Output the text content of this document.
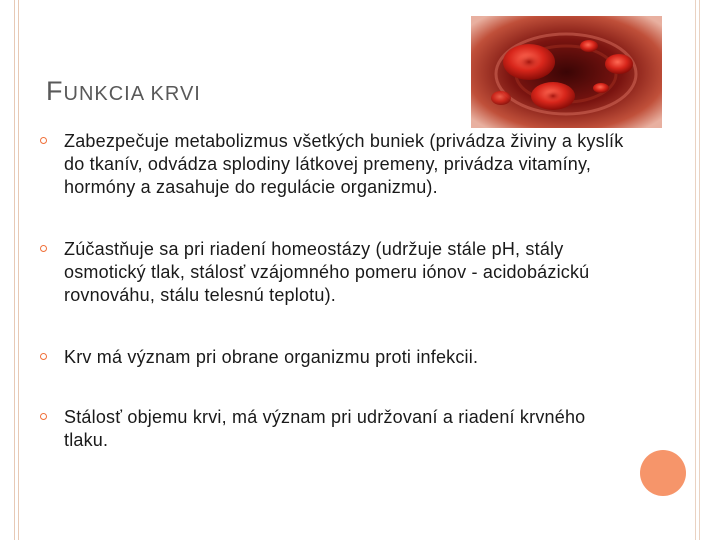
FUNKCIA KRVI
Zabezpečuje metabolizmus všetkých buniek (privádza živiny a kyslík do tkanív, odvádza splodiny látkovej premeny, privádza vitamíny, hormóny a zasahuje do regulácie organizmu).
Zúčastňuje sa pri riadení homeostázy (udržuje stále pH, stály osmotický tlak, stálosť vzájomného pomeru iónov - acidobázickú rovnováhu, stálu telesnú teplotu).
Krv má význam pri obrane organizmu proti infekcii.
Stálosť objemu krvi, má význam pri udržovaní a riadení krvného tlaku.
